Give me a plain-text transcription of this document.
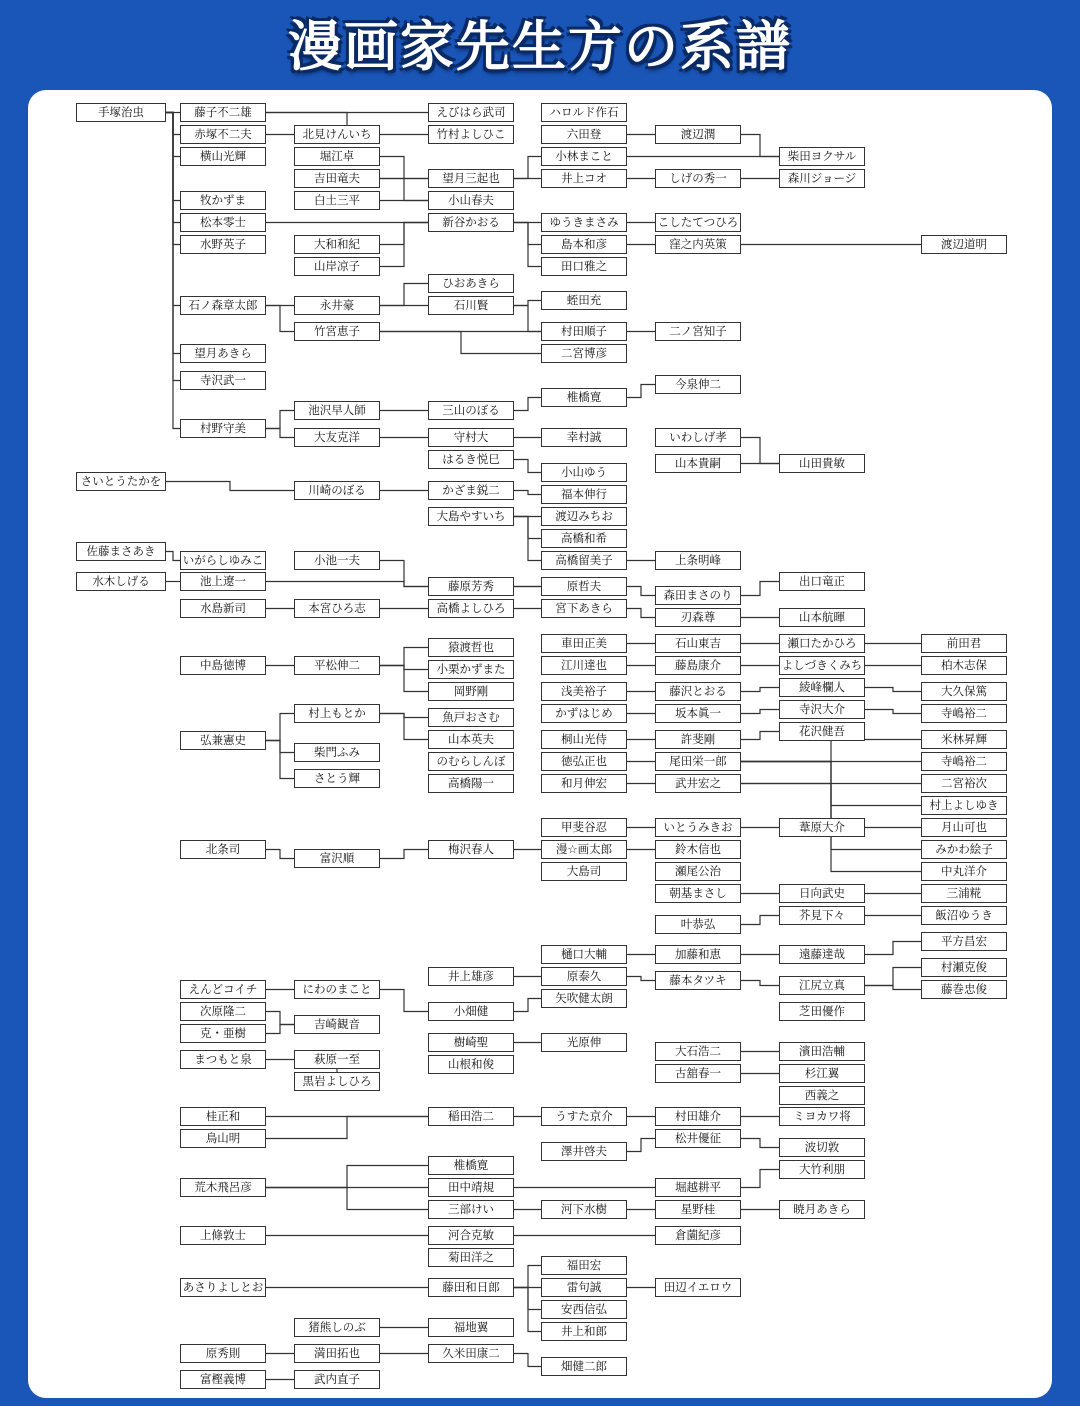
漫画家先生方の系譜
手塚治虫
さいとうたかを
佐藤まさあき
水木しげる
藤子不二雄
赤塚不二夫
横山光輝
牧かずま
松本零士
水野英子
石ノ森章太郎
望月あきら
寺沢武一
村野守美
いがらしゆみこ
池上遼一
水島新司
中島徳博
弘兼憲史
北条司
えんどコイチ
次原隆二
克・亜樹
まつもと泉
桂正和
鳥山明
荒木飛呂彦
上條敦士
あさりよしとお
原秀則
富樫義博
北見けんいち
堀江卓
吉田竜夫
白土三平
大和和紀
山岸凉子
永井豪
竹宮恵子
池沢早人師
大友克洋
川崎のぼる
小池一夫
本宮ひろ志
平松伸二
村上もとか
柴門ふみ
さとう輝
富沢順
にわのまこと
吉崎観音
萩原一至
黒岩よしひろ
猪熊しのぶ
満田拓也
武内直子
えびはら武司
竹村よしひこ
望月三起也
小山春夫
新谷かおる
ひおあきら
石川賢
三山のぼる
守村大
はるき悦巳
かざま鋭二
大島やすいち
藤原芳秀
高橋よしひろ
猿渡哲也
小栗かずまた
岡野剛
魚戸おさむ
山本英夫
のむらしんぼ
高橋陽一
梅沢春人
井上雄彦
小畑健
樹崎聖
山根和俊
稲田浩二
椎橋寛
田中靖規
三部けい
河合克敏
菊田洋之
藤田和日郎
福地翼
久米田康二
ハロルド作石
六田登
小林まこと
井上コオ
ゆうきまさみ
島本和彦
田口雅之
蛭田充
村田順子
二宮博彦
椎橋寛
幸村誠
小山ゆう
福本伸行
渡辺みちお
高橋和希
高橋留美子
原哲夫
宮下あきら
車田正美
江川達也
浅美裕子
かずはじめ
桐山光侍
徳弘正也
和月伸宏
甲斐谷忍
漫☆画太郎
大島司
樋口大輔
原泰久
矢吹健太朗
光原伸
うすた京介
澤井啓夫
河下水樹
福田宏
雷句誠
安西信弘
井上和郎
畑健二郎
渡辺潤
しげの秀一
こしたてつひろ
窪之内英策
二ノ宮知子
今泉伸二
いわしげ孝
山本貴嗣
上条明峰
森田まさのり
刃森尊
石山東吉
藤島康介
藤沢とおる
坂本眞一
許斐剛
尾田栄一郎
武井宏之
いとうみきお
鈴木信也
瀬尾公治
朝基まさし
叶恭弘
加藤和恵
藤本タツキ
大石浩二
古舘春一
村田雄介
松井優征
堀越耕平
星野桂
倉薗紀彦
田辺イエロウ
柴田ヨクサル
森川ジョージ
山田貴敏
出口竜正
山本航暉
瀬口たかひろ
よしづきくみち
綾峰欄人
寺沢大介
花沢健吾
葦原大介
日向武史
芥見下々
遠藤達哉
江尻立真
芝田優作
濱田浩輔
杉江翼
西義之
ミヨカワ将
波切敦
大竹利朋
暁月あきら
渡辺道明
前田君
柏木志保
大久保篤
寺嶋裕二
米林昇輝
寺嶋裕二
二宮裕次
村上よしゆき
月山可也
みかわ絵子
中丸洋介
三浦糀
飯沼ゆうき
平方昌宏
村瀬克俊
藤巻忠俊
